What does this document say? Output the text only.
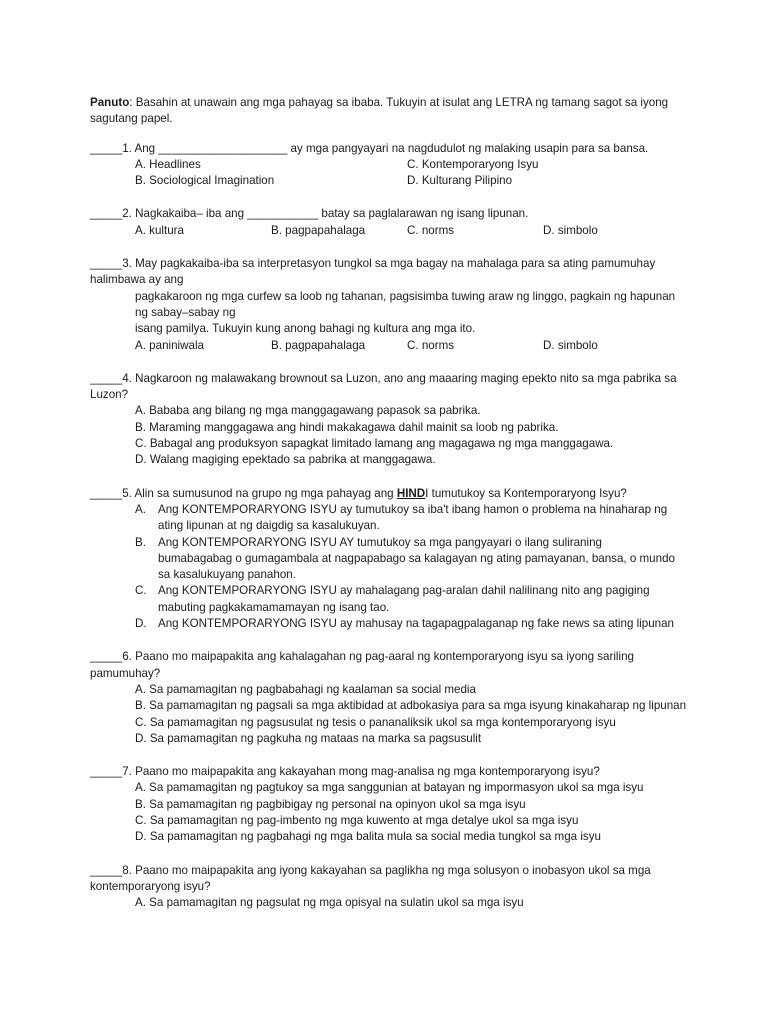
Panuto: Basahin at unawain ang mga pahayag sa ibaba. Tukuyin at isulat ang LETRA ng tamang sagot sa iyong sagutang papel.

_____1. Ang ____________________ ay mga pangyayari na nagdudulot ng malaking usapin para sa bansa.
A. Headlines	C. Kontemporaryong Isyu
B. Sociological Imagination	D. Kulturang Pilipino
_____2. Nagkakaiba– iba ang ___________ batay sa paglalarawan ng isang lipunan.
A. kultura	B. pagpapahalaga	C. norms	D. simbolo
_____3. May pagkakaiba-iba sa interpretasyon tungkol sa mga bagay na mahalaga para sa ating pamumuhay halimbawa ay ang
pagkakaroon ng mga curfew sa loob ng tahanan, pagsisimba tuwing araw ng linggo, pagkain ng hapunan ng sabay–sabay ng
isang pamilya. Tukuyin kung anong bahagi ng kultura ang mga ito.
A. paniniwala	B. pagpapahalaga	C. norms	D. simbolo
_____4. Nagkaroon ng malawakang brownout sa Luzon, ano ang maaaring maging epekto nito sa mga pabrika sa Luzon?
A. Bababa ang bilang ng mga manggagawang papasok sa pabrika.
B. Maraming manggagawa ang hindi makakagawa dahil mainit sa loob ng pabrika.
C. Babagal ang produksyon sapagkat limitado lamang ang magagawa ng mga manggagawa.
D. Walang magiging epektado sa pabrika at manggagawa.
_____5. Alin sa sumusunod na grupo ng mga pahayag ang HINDI tumutukoy sa Kontemporaryong Isyu?
A.	Ang KONTEMPORARYONG ISYU ay tumutukoy sa iba't ibang hamon o problema na hinaharap ng ating lipunan at ng daigdig sa kasalukuyan.
B.	Ang KONTEMPORARYONG ISYU AY tumutukoy sa mga pangyayari o ilang suliraning bumabagabag o gumagambala at nagpapabago sa kalagayan ng ating pamayanan, bansa, o mundo sa kasalukuyang panahon.
C. Ang KONTEMPORARYONG ISYU ay mahalagang pag-aralan dahil nalilinang nito ang pagiging mabuting pagkakamamamayan ng isang tao.
D. Ang KONTEMPORARYONG ISYU ay mahusay na tagapagpalaganap ng fake news sa ating lipunan
_____6. Paano mo maipapakita ang kahalagahan ng pag-aaral ng kontemporaryong isyu sa iyong sariling pamumuhay?
A. Sa pamamagitan ng pagbabahagi ng kaalaman sa social media
B. Sa pamamagitan ng pagsali sa mga aktibidad at adbokasiya para sa mga isyung kinakaharap ng lipunan
C. Sa pamamagitan ng pagsusulat ng tesis o pananaliksik ukol sa mga kontemporaryong isyu
D. Sa pamamagitan ng pagkuha ng mataas na marka sa pagsusulit
_____7. Paano mo maipapakita ang kakayahan mong mag-analisa ng mga kontemporaryong isyu?
A. Sa pamamagitan ng pagtukoy sa mga sanggunian at batayan ng impormasyon ukol sa mga isyu
B. Sa pamamagitan ng pagbibigay ng personal na opinyon ukol sa mga isyu
C. Sa pamamagitan ng pag-imbento ng mga kuwento at mga detalye ukol sa mga isyu
D. Sa pamamagitan ng pagbahagi ng mga balita mula sa social media tungkol sa mga isyu
_____8. Paano mo maipapakita ang iyong kakayahan sa paglikha ng mga solusyon o inobasyon ukol sa mga kontemporaryong isyu?
A. Sa pamamagitan ng pagsulat ng mga opisyal na sulatin ukol sa mga isyu
